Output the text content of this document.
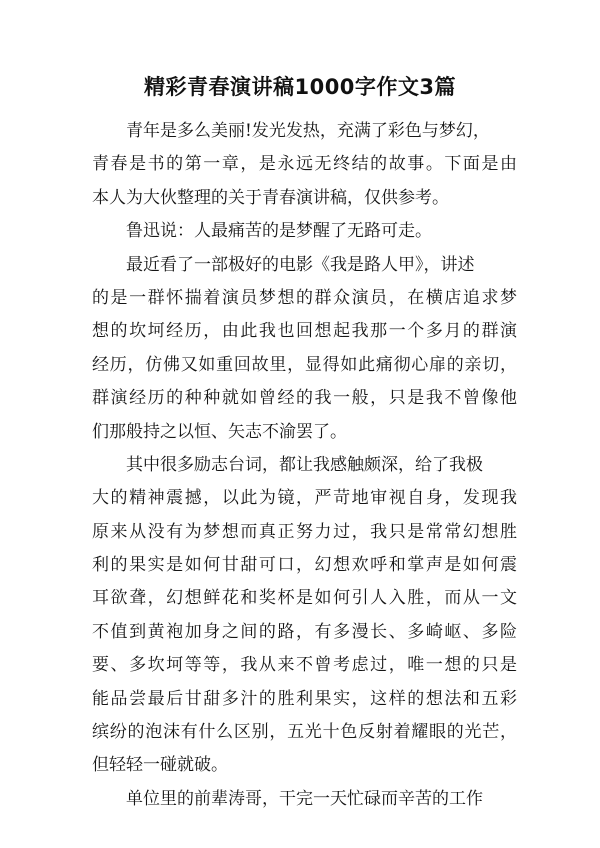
精彩青春演讲稿1000字作文3篇
青年是多么美丽!发光发热，充满了彩色与梦幻，
青春是书的第一章，是永远无终结的故事。下面是由
本人为大伙整理的关于青春演讲稿，仅供参考。
鲁迅说：人最痛苦的是梦醒了无路可走。
最近看了一部极好的电影《我是路人甲》，讲述
的是一群怀揣着演员梦想的群众演员，在横店追求梦
想的坎坷经历，由此我也回想起我那一个多月的群演
经历，仿佛又如重回故里，显得如此痛彻心扉的亲切，
群演经历的种种就如曾经的我一般，只是我不曾像他
们那般持之以恒、矢志不渝罢了。
其中很多励志台词，都让我感触颇深，给了我极
大的精神震撼，以此为镜，严苛地审视自身，发现我
原来从没有为梦想而真正努力过，我只是常常幻想胜
利的果实是如何甘甜可口，幻想欢呼和掌声是如何震
耳欲聋，幻想鲜花和奖杯是如何引人入胜，而从一文
不值到黄袍加身之间的路，有多漫长、多崎岖、多险
要、多坎坷等等，我从来不曾考虑过，唯一想的只是
能品尝最后甘甜多汁的胜利果实，这样的想法和五彩
缤纷的泡沫有什么区别，五光十色反射着耀眼的光芒，
但轻轻一碰就破。
单位里的前辈涛哥，干完一天忙碌而辛苦的工作
